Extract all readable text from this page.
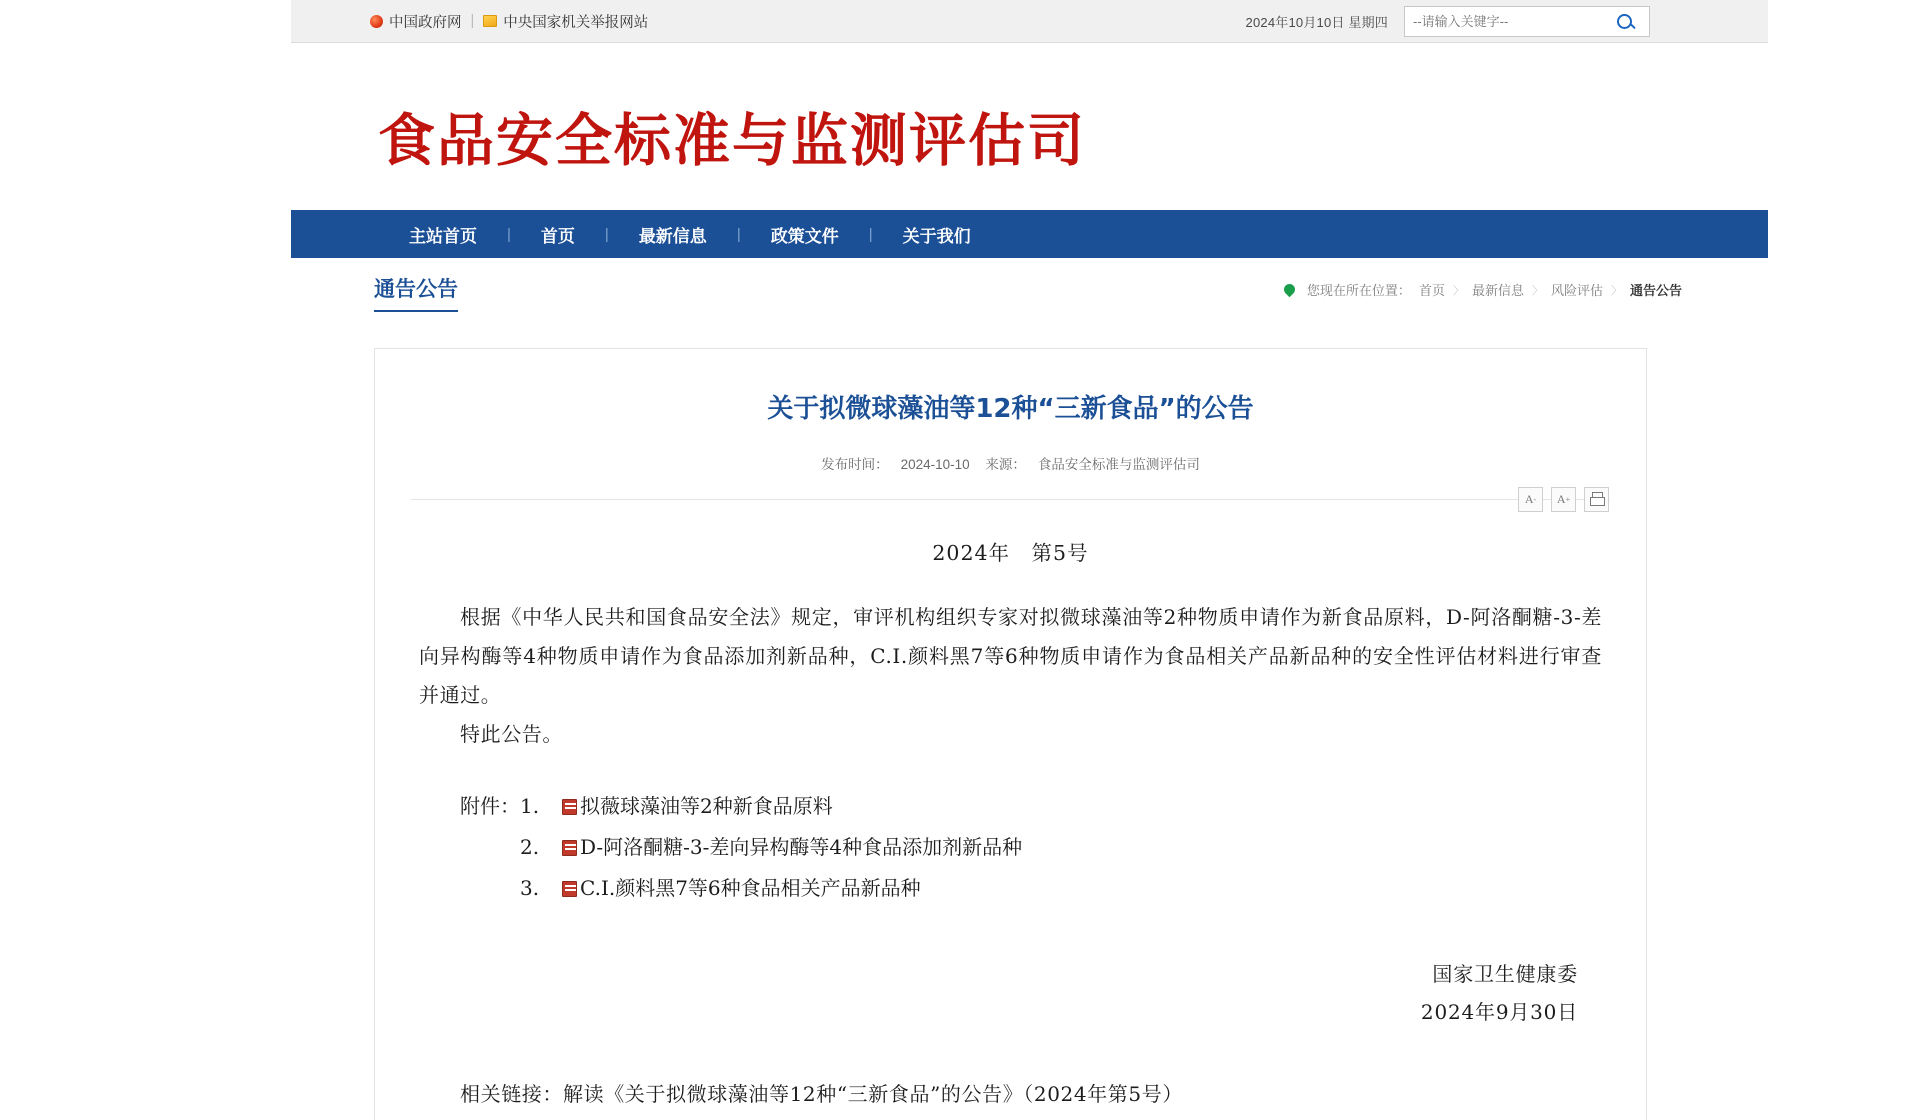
中国政府网 | 中央国家机关举报网站	2024年10月10日 星期四
--请输入关键字--
食品安全标准与监测评估司
主站首页	|	首页	|	最新信息	|	政策文件	|	关于我们
通告公告	您现在所在位置： 首页 〉 最新信息 〉 风险评估 〉 通告公告
关于拟微球藻油等12种“三新食品”的公告
发布时间： 2024-10-10 来源： 食品安全标准与监测评估司
A - A +
2024年　第5号
根据《中华人民共和国食品安全法》规定，审评机构组织专家对拟微球藻油等2种物质申请作为新食品原料，D-阿洛酮糖-3-差向异构酶等4种物质申请作为食品添加剂新品种，C.I.颜料黑7等6种物质申请作为食品相关产品新品种的安全性评估材料进行审查并通过。
特此公告。
附件： 1.	拟薇球藻油等2种新食品原料
2.	D-阿洛酮糖-3-差向异构酶等4种食品添加剂新品种
3.	C.I.颜料黑7等6种食品相关产品新品种
国家卫生健康委
2024年9月30日
相关链接：解读《关于拟微球藻油等12种“三新食品”的公告》（2024年第5号）
